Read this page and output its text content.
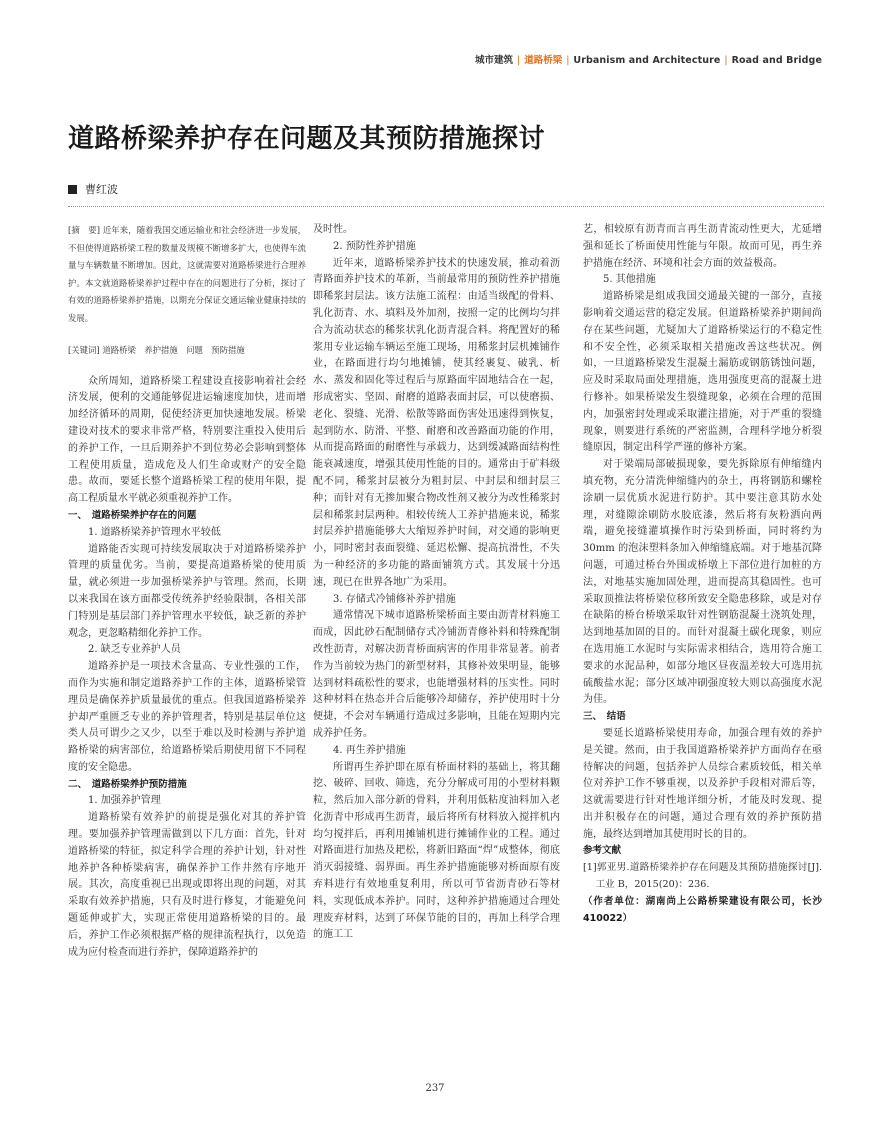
城市建筑 | 道路桥梁 | Urbanism and Architecture | Road and Bridge
道路桥梁养护存在问题及其预防措施探讨
曹红波
[摘　要] 近年来，随着我国交通运输业和社会经济进一步发展，不但使得道路桥梁工程的数量及规模不断增多扩大，也使得车流量与车辆数量不断增加。因此，这就需要对道路桥梁进行合理养护。本文就道路桥梁养护过程中存在的问题进行了分析，探讨了有效的道路桥梁养护措施，以期充分保证交通运输业健康持续的发展。
[关键词] 道路桥梁　养护措施　问题　预防措施

众所周知，道路桥梁工程建设直接影响着社会经济发展，便利的交通能够促进运输速度加快，进而增加经济循环的周期，促使经济更加快速地发展。桥梁建设对技术的要求非常严格，特别要注重投入使用后的养护工作，一旦后期养护不到位势必会影响到整体工程使用质量，造成危及人们生命或财产的安全隐患。故而，要延长整个道路桥梁工程的使用年限，提高工程质量水平就必须重视养护工作。

一、　道路桥梁养护存在的问题
1. 道路桥梁养护管理水平较低

道路能否实现可持续发展取决于对道路桥梁养护管理的质量优劣。当前，要提高道路桥梁的使用质量，就必须进一步加强桥梁养护与管理。然而，长期以来我国在该方面都受传统养护经验限制，各相关部门特别是基层部门养护管理水平较低，缺乏新的养护观念，更忽略精细化养护工作。

2. 缺乏专业养护人员

道路养护是一项技术含量高、专业性强的工作，而作为实施和制定道路养护工作的主体，道路桥梁管理员是确保养护质量最优的重点。但我国道路桥梁养护却严重匮乏专业的养护管理者，特别是基层单位这类人员可谓少之又少，以至于难以及时检测与养护道路桥梁的病害部位，给道路桥梁后期使用留下不同程度的安全隐患。

二、　道路桥梁养护预防措施
1. 加强养护管理

道路桥梁有效养护的前提是强化对其的养护管理。要加强养护管理需做到以下几方面：首先，针对道路桥梁的特征，拟定科学合理的养护计划，针对性地养护各种桥梁病害，确保养护工作井然有序地开展。其次，高度重视已出现或即将出现的问题，对其采取有效养护措施，只有及时进行修复，才能避免问题延伸或扩大，实现正常使用道路桥梁的目的。最后，养护工作必须根据严格的规律流程执行，以免造成为应付检查而进行养护，保障道路养护的

及时性。

2. 预防性养护措施

近年来，道路桥梁养护技术的快速发展，推动着沥青路面养护技术的革新，当前最常用的预防性养护措施即稀浆封层法。该方法施工流程：由适当级配的骨料、乳化沥青、水、填料及外加剂，按照一定的比例均匀拌合为流动状态的稀浆状乳化沥青混合料。将配置好的稀浆用专业运输车辆运至施工现场，用稀浆封层机摊铺作业，在路面进行均匀地摊铺，使其经裹复、破乳、析水、蒸发和固化等过程后与原路面牢固地结合在一起，形成密实、坚固、耐磨的道路表面封层，可以使磨损、老化、裂缝、光滑、松散等路面伤害处迅速得到恢复，起到防水、防滑、平整、耐磨和改善路面功能的作用，从而提高路面的耐磨性与承载力，达到缓减路面结构性能衰减速度，增强其使用性能的目的。通常由于矿料级配不同，稀浆封层被分为粗封层、中封层和细封层三种；而针对有无掺加聚合物改性剂又被分为改性稀浆封层和稀浆封层两种。相较传统人工养护措施来说，稀浆封层养护措施能够大大缩短养护时间，对交通的影响更小，同时密封表面裂缝、延迟松懈、提高抗滑性，不失为一种经济的多功能的路面铺筑方式。其发展十分迅速，现已在世界各地广为采用。

3. 存储式冷铺修补养护措施

通常情况下城市道路桥梁桥面主要由沥青材料施工而成，因此砂石配制储存式冷铺沥青修补料和特殊配制改性沥青，对解决沥青桥面病害的作用非常显著。前者作为当前较为热门的新型材料，其修补效果明显，能够达到材料疏松性的要求，也能增强材料的压实性。同时这种材料在热态并合后能够冷却储存，养护使用时十分便捷，不会对车辆通行造成过多影响，且能在短期内完成养护任务。

4. 再生养护措施

所谓再生养护即在原有桥面材料的基础上，将其翻挖、破碎、回收、筛选，充分分解成可用的小型材料颗粒，然后加入部分新的骨料，并利用低粘度油料加入老化沥青中形成再生沥青，最后将所有材料放入搅拌机内均匀搅拌后，再利用摊铺机进行摊铺作业的工程。通过对路面进行加热及耙松，将新旧路面“焊”成整体，彻底消灭弱接缝、弱界面。再生养护措施能够对桥面原有废弃料进行有效地重复利用，所以可节省沥青砂石等材料，实现低成本养护。同时，这种养护措施通过合理处理废弃材料，达到了环保节能的目的，再加上科学合理的施工工

艺，相较原有沥青而言再生沥青流动性更大，尤延增强和延长了桥面使用性能与年限。故而可见，再生养护措施在经济、环境和社会方面的效益极高。

5. 其他措施

道路桥梁是组成我国交通最关键的一部分，直接影响着交通运营的稳定发展。但道路桥梁养护期间尚存在某些问题，尤疑加大了道路桥梁运行的不稳定性和不安全性，必须采取相关措施改善这些状况。例如，一旦道路桥梁发生混凝土漏筋或钢筋锈蚀问题，应及时采取局面处理措施，选用强度更高的混凝土进行修补。如果桥梁发生裂缝现象，必须在合理的范围内，加强密封处理或采取灌注措施，对于严重的裂缝现象，则要进行系统的严密监测，合理科学地分析裂缝原因，制定出科学严谨的修补方案。

对于梁端局部破损现象，要先拆除原有伸缩缝内填充物，充分清洗伸缩缝内的杂土，再将钢筋和螺栓涂刷一层优质水泥进行防护。其中要注意其防水处理，对缝隙涂刷防水胶底漆，然后将有灰粉洒向两端，避免接缝灌填操作时污染到桥面，同时将约为 30mm 的泡沫塑料条加入伸缩缝底端。对于地基沉降问题，可通过桥台外围或桥墩上下部位进行加桩的方法，对地基实施加固处理，进而提高其稳固性。也可采取顶推法将桥梁位移所致安全隐患移除，或是对存在缺陷的桥台桥墩采取针对性钢筋混凝土浇筑处理，达到地基加固的目的。而针对混凝土碳化现象，则应在选用施工水泥时与实际需求相结合，选用符合施工要求的水泥品种，如部分地区昼夜温差较大可选用抗硫酸盐水泥；部分区域冲刷强度较大则以高强度水泥为佳。

三、　结语

要延长道路桥梁使用寿命，加强合理有效的养护是关键。然而，由于我国道路桥梁养护方面尚存在亟待解决的问题，包括养护人员综合素质较低，相关单位对养护工作不够重视，以及养护手段相对滞后等，这就需要进行针对性地详细分析，才能及时发现、提出并积极存在的问题，通过合理有效的养护预防措施，最终达到增加其使用时长的目的。

参考文献

[1]郭亚男.道路桥梁养护存在问题及其预防措施探讨[J].工业 B，2015(20)：236.

（作者单位：湖南尚上公路桥梁建设有限公司，长沙 410022）

237
